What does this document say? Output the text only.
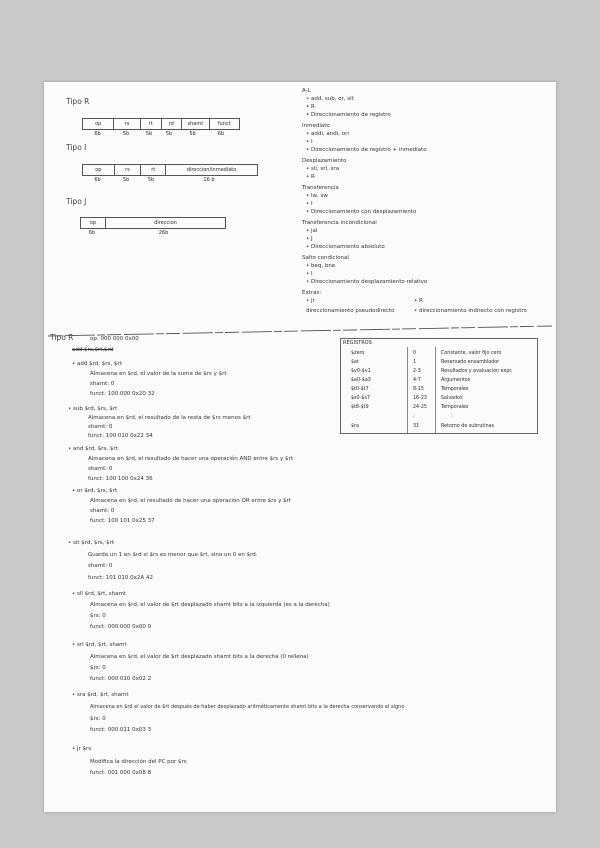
Tipo R
op	rs	rt	rd	shamt	funct
6b	5b	5b	5b	5b	6b
Tipo I
op	rs	rt	direccion/inmediato
6b	5b	5b	16 b
Tipo J
op	direccion
6b	26b
A-L
• add, sub, or, slt
• R
• Direccionamiento de registro
Inmediato
• addi, andi, ori
• I
• Direccionamiento de registro + inmediato
Desplazamiento
• sll, srl, sra
• R
Transferencia
• lw, sw
• I
• Direccionamiento con desplazamiento
Transferencia incondicional
• jal
• J
• Direccionamiento absoluto
Salto condicional
• beq, bne
• I
• Direccionamiento desplazamiento relativo
Extras:
• jr	• R
direccionamiento pseudodirecto	• direccionamiento indirecto con registro
Tipo R	op: 000 000 0x00
add $rs,$rt,$rd
REGISTROS
$zero	0	Constante, valor fijo cero
$at	1	Reservado ensamblador
$v0-$v1	2-3	Resultados y evaluación expr.
$a0-$a3	4-7	Argumentos
$t0-$t7	8-15	Temporales
$s0-$s7	16-23	Salvados
$t8-$t9	24-25	Temporales
:	:
$ra	31	Retorno de subrutinas
• add $rd, $rs, $rt
Almacena en $rd, el valor de la suma de $rs y $rt
shamt: 0
funct: 100 000 0x20 32
• sub $rd, $rs, $rt
Almacena en $rd, el resultado de la resta de $rs menos $rt
shamt: 0
funct: 100 010 0x22 34
• and $rd, $rs, $rt
Almacena en $rd, el resultado de hacer una operación AND entre $rs y $rt
shamt: 0
funct: 100 100 0x24 36
• or $rd, $rs, $rt
Almacena en $rd, el resultado de hacer una operación OR entre $rs y $rt
shamt: 0
funct: 100 101 0x25 37
• slt $rd, $rs, $rt
Guarda un 1 en $rd si $rs es menor que $rt, sino un 0 en $rd.
shamt: 0
funct: 101 010 0x2A 42
• sll $rd, $rt, shamt
Almacena en $rd, el valor de $rt desplazado shamt bits a la izquierda (es a la derecha)
$rs: 0
funct: 000 000 0x00 0
• srl $rd, $rt, shamt
Almacena en $rd, el valor de $rt desplazado shamt bits a la derecha (0 rellena)
$rs: 0
funct: 000 010 0x02 2
• sra $rd, $rt, shamt
Almacena en $rd el valor de $rt después de haber desplazado aritméticamente shamt bits a la derecha conservando el signo
$rs: 0
funct: 000 011 0x03 3
• jr $rs
Modifica la dirección del PC por $rs
funct: 001 000 0x08 8
